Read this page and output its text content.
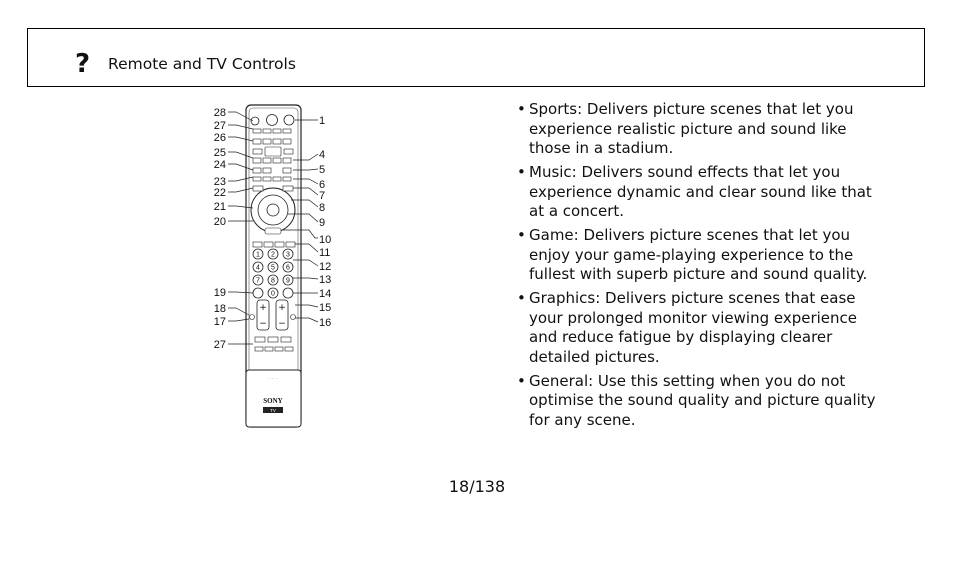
? Remote and TV Controls
1 2 3
4 5 6
7 8 9
0
+
−
+
−
· · · · ·
SONY
TV
28
27
26
25
24
23
22
21
20
19
18
17
27
1
4
5
6
7
8
9
10
11
12
13
14
15
16
• Sports: Delivers picture scenes that let you experience realistic picture and sound like those in a stadium.
• Music: Delivers sound effects that let you experience dynamic and clear sound like that at a concert.
• Game: Delivers picture scenes that let you enjoy your game-playing experience to the fullest with superb picture and sound quality.
• Graphics: Delivers picture scenes that ease your prolonged monitor viewing experience and reduce fatigue by displaying clearer detailed pictures.
• General: Use this setting when you do not optimise the sound quality and picture quality for any scene.
18/138
